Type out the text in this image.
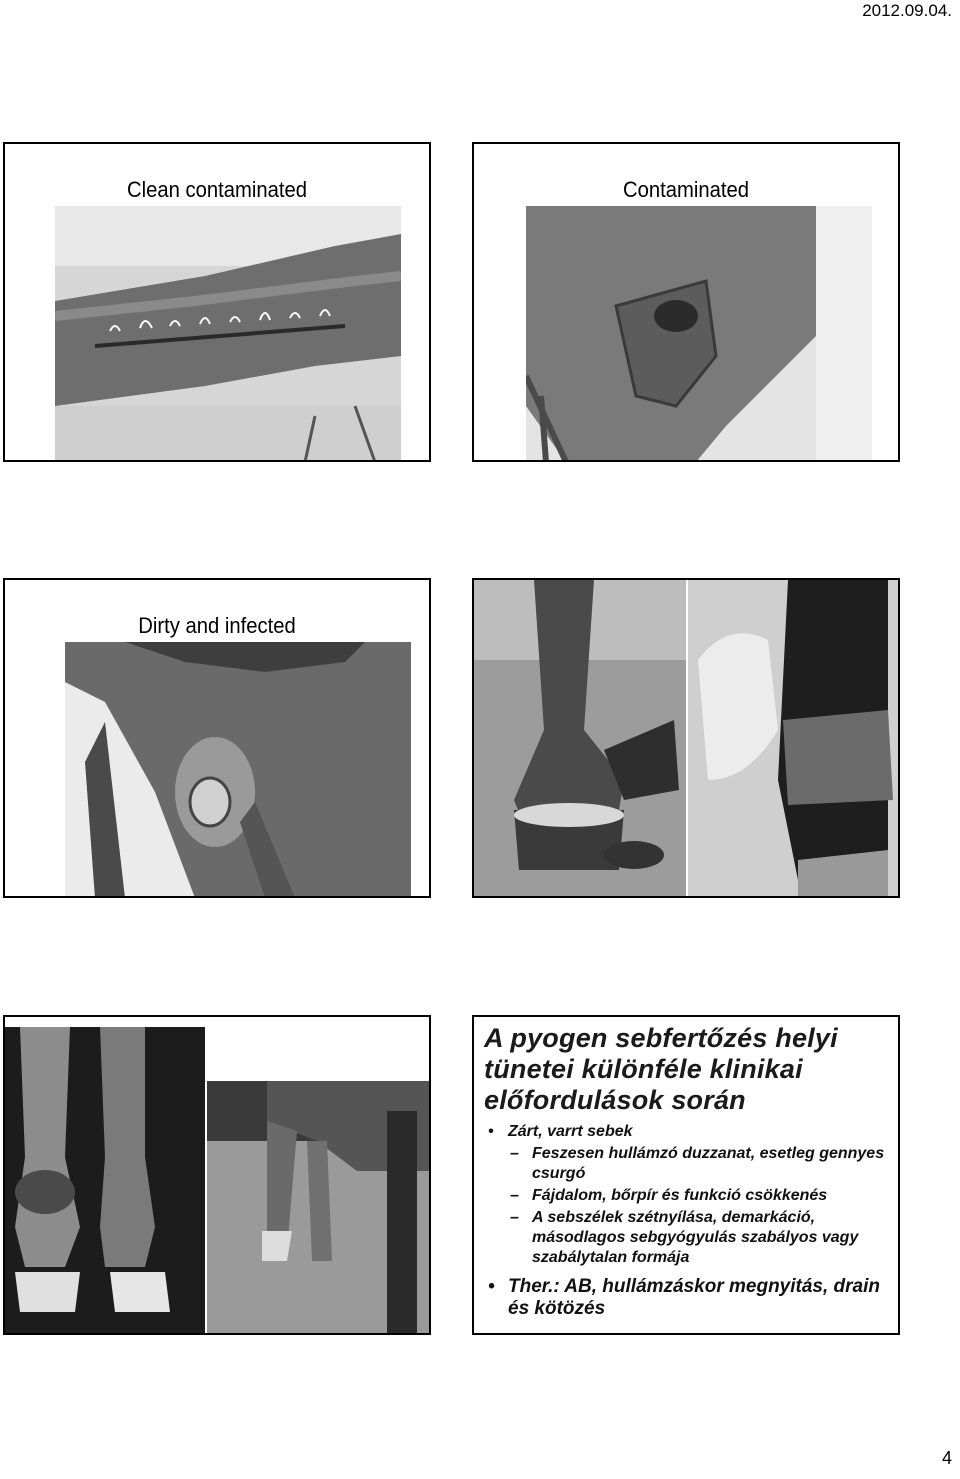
2012.09.04.
Clean contaminated	Contaminated
Dirty and infected
A pyogen sebfertőzés helyi tünetei különféle klinikai előfordulások során
• Zárt, varrt sebek
– Feszesen hullámzó duzzanat, esetleg gennyes csurgó
– Fájdalom, bőrpír és funkció csökkenés
– A sebszélek szétnyílása, demarkáció, másodlagos sebgyógyulás szabályos vagy szabálytalan formája
• Ther.: AB, hullámzáskor megnyitás, drain és kötözés
4
